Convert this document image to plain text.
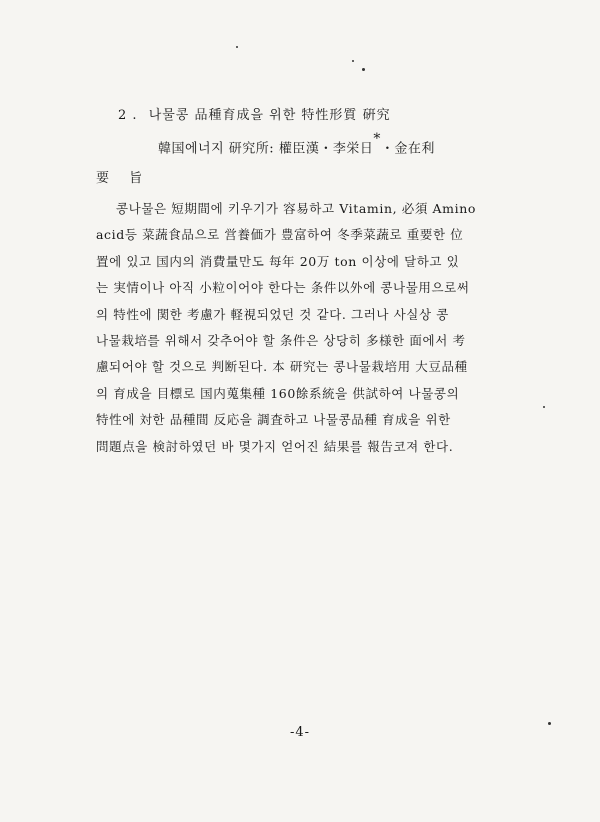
2 . 나물콩 品種育成을 위한 特性形質 硏究
韓国에너지 研究所: 權臣漢・李栄日*・金在利
要 旨
콩나물은 短期間에 키우기가 容易하고 Vitamin, 必須 Amino
acid등 菜蔬食品으로 営養価가 豊富하여 冬季菜蔬로 重要한 位
置에 있고 国内의 消費量만도 每年 20万 ton 이상에 달하고 있
는 実情이나 아직 小粒이어야 한다는 条件以外에 콩나물用으로써
의 特性에 関한 考慮가 軽視되었던 것 같다. 그러나 사실상 콩
나물栽培를 위해서 갖추어야 할 条件은 상당히 多様한 面에서 考
慮되어야 할 것으로 判断된다. 本 研究는 콩나물栽培用 大豆品種
의 育成을 目標로 国内蒐集種 160餘系統을 供試하여 나물콩의
特性에 対한 品種間 反応을 調査하고 나물콩品種 育成을 위한
問題点을 検討하였던 바 몇가지 얻어진 結果를 報告코져 한다.
-4-
